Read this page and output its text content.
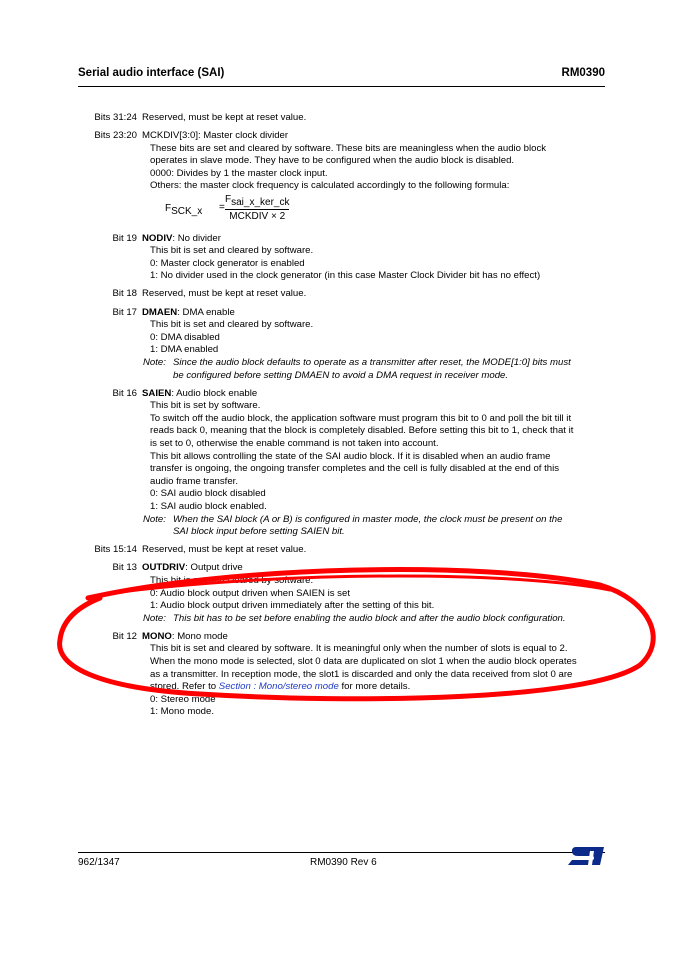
Serial audio interface (SAI)	RM0390
Bits 31:24 Reserved, must be kept at reset value.
Bits 23:20 MCKDIV[3:0]: Master clock divider
These bits are set and cleared by software. These bits are meaningless when the audio block
operates in slave mode. They have to be configured when the audio block is disabled.
0000: Divides by 1 the master clock input.
Others: the master clock frequency is calculated accordingly to the following formula:
$F_{SCK\_x}$ =
$F_{sai\_x\_ker\_ck}$
MCKDIV × 2
Bit 19 NODIV: No divider
This bit is set and cleared by software.
0: Master clock generator is enabled
1: No divider used in the clock generator (in this case Master Clock Divider bit has no effect)
Bit 18 Reserved, must be kept at reset value.
Bit 17 DMAEN: DMA enable
This bit is set and cleared by software.
0: DMA disabled
1: DMA enabled
Note: Since the audio block defaults to operate as a transmitter after reset, the MODE[1:0] bits must
be configured before setting DMAEN to avoid a DMA request in receiver mode.
Bit 16 SAIEN: Audio block enable
This bit is set by software.
To switch off the audio block, the application software must program this bit to 0 and poll the bit till it
reads back 0, meaning that the block is completely disabled. Before setting this bit to 1, check that it
is set to 0, otherwise the enable command is not taken into account.
This bit allows controlling the state of the SAI audio block. If it is disabled when an audio frame
transfer is ongoing, the ongoing transfer completes and the cell is fully disabled at the end of this
audio frame transfer.
0: SAI audio block disabled
1: SAI audio block enabled.
Note: When the SAI block (A or B) is configured in master mode, the clock must be present on the
SAI block input before setting SAIEN bit.
Bits 15:14 Reserved, must be kept at reset value.
Bit 13 OUTDRIV: Output drive
This bit is set and cleared by software.
0: Audio block output driven when SAIEN is set
1: Audio block output driven immediately after the setting of this bit.
Note: This bit has to be set before enabling the audio block and after the audio block configuration.
Bit 12 MONO: Mono mode
This bit is set and cleared by software. It is meaningful only when the number of slots is equal to 2.
When the mono mode is selected, slot 0 data are duplicated on slot 1 when the audio block operates
as a transmitter. In reception mode, the slot1 is discarded and only the data received from slot 0 are
stored. Refer to Section : Mono/stereo mode for more details.
0: Stereo mode
1: Mono mode.
962/1347	RM0390 Rev 6
